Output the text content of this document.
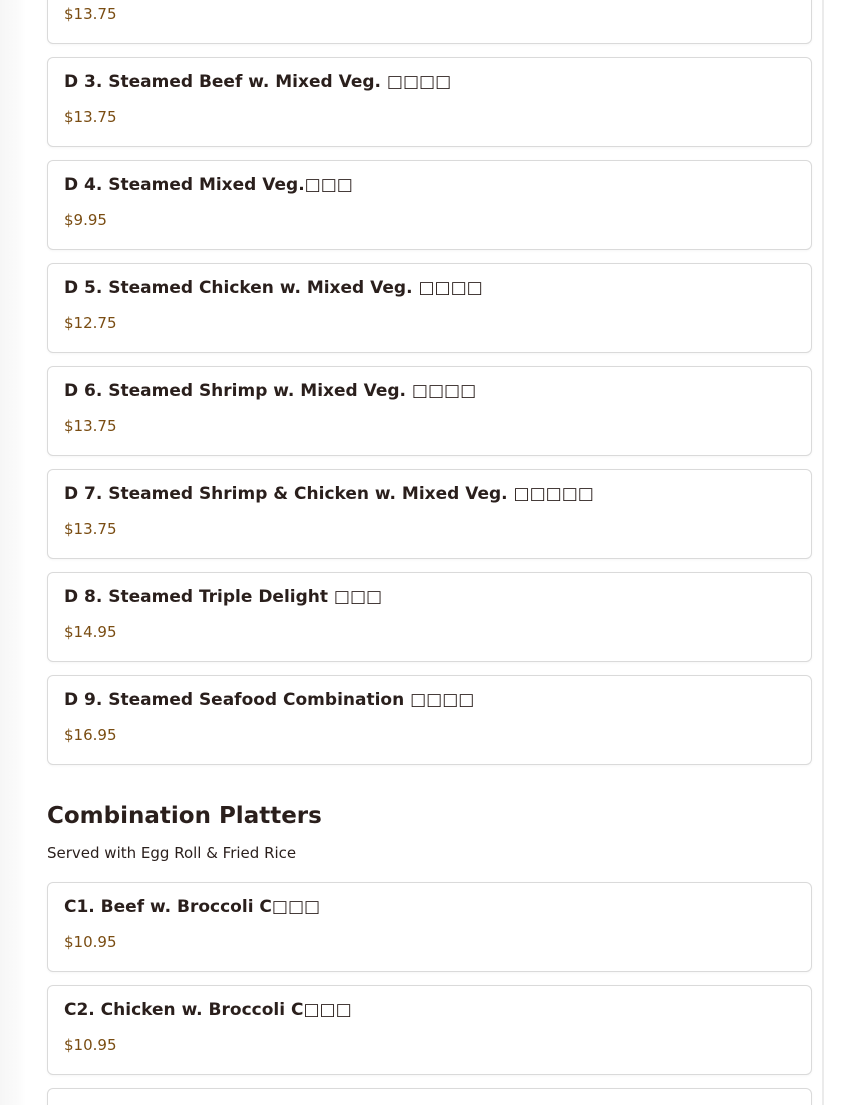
$13.75
D 3. Steamed Beef w. Mixed Veg. □□□□
$13.75
D 4. Steamed Mixed Veg.□□□
$9.95
D 5. Steamed Chicken w. Mixed Veg. □□□□
$12.75
D 6. Steamed Shrimp w. Mixed Veg. □□□□
$13.75
D 7. Steamed Shrimp & Chicken w. Mixed Veg. □□□□□
$13.75
D 8. Steamed Triple Delight □□□
$14.95
D 9. Steamed Seafood Combination □□□□
$16.95
Combination Platters
Served with Egg Roll & Fried Rice
C1. Beef w. Broccoli C□□□
$10.95
C2. Chicken w. Broccoli C□□□
$10.95
